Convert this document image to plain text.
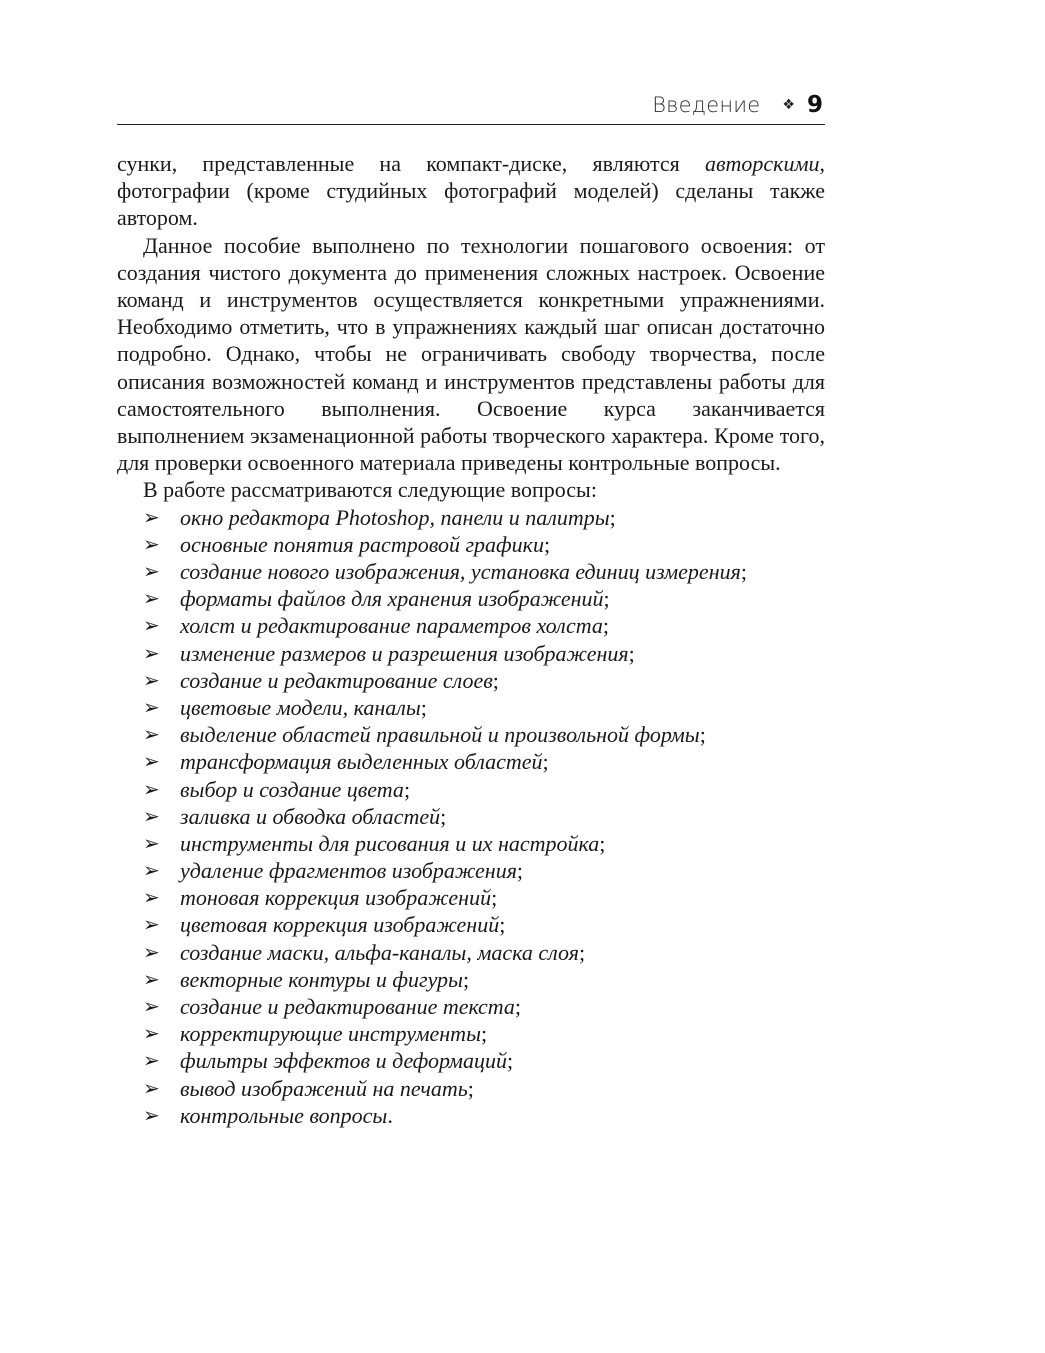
Введение ❖ 9

сунки, представленные на компакт-диске, являются авторскими, фотографии (кроме студийных фотографий моделей) сделаны также автором.

Данное пособие выполнено по технологии пошагового освоения: от создания чистого документа до применения сложных настроек. Освоение команд и инструментов осуществляется конкретными упражнениями. Необходимо отметить, что в упражнениях каждый шаг описан достаточно подробно. Однако, чтобы не ограничивать свободу творчества, после описания возможностей команд и инструментов представлены работы для самостоятельного выполнения. Освоение курса заканчивается выполнением экзаменационной работы творческого характера. Кроме того, для проверки освоенного материала приведены контрольные вопросы.

В работе рассматриваются следующие вопросы:

➢ окно редактора Photoshop, панели и палитры;
➢ основные понятия растровой графики;
➢ создание нового изображения, установка единиц измерения;
➢ форматы файлов для хранения изображений;
➢ холст и редактирование параметров холста;
➢ изменение размеров и разрешения изображения;
➢ создание и редактирование слоев;
➢ цветовые модели, каналы;
➢ выделение областей правильной и произвольной формы;
➢ трансформация выделенных областей;
➢ выбор и создание цвета;
➢ заливка и обводка областей;
➢ инструменты для рисования и их настройка;
➢ удаление фрагментов изображения;
➢ тоновая коррекция изображений;
➢ цветовая коррекция изображений;
➢ создание маски, альфа-каналы, маска слоя;
➢ векторные контуры и фигуры;
➢ создание и редактирование текста;
➢ корректирующие инструменты;
➢ фильтры эффектов и деформаций;
➢ вывод изображений на печать;
➢ контрольные вопросы.
